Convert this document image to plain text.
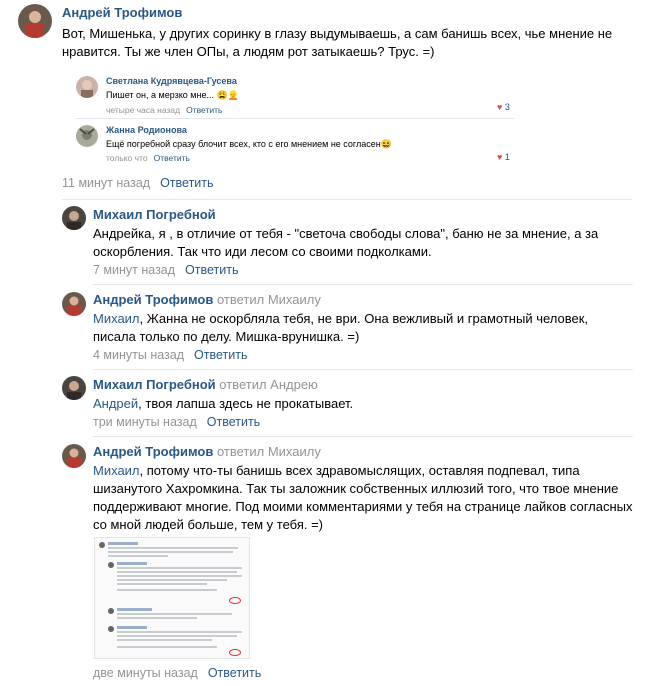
Андрей Трофимов
Вот, Мишенька, у других соринку в глазу выдумываешь, а сам банишь всех, чье мнение не нравится. Ты же член ОПы, а людям рот затыкаешь? Трус. =)
Светлана Кудрявцева-Гусева
Пишет он, а мерзко мне... 😩👱
четыре часа назад Ответить	♥ 3
Жанна Родионова
Ещё погребной сразу блочит всех, кто с его мнением не согласен😆
только что Ответить	♥ 1
11 минут назад Ответить
Михаил Погребной
Андрейка, я , в отличие от тебя - "светоча свободы слова", баню не за мнение, а за оскорбления. Так что иди лесом со своими подколками.
7 минут назад Ответить
Андрей Трофимов ответил Михаилу
Михаил, Жанна не оскорбляла тебя, не ври. Она вежливый и грамотный человек, писала только по делу. Мишка-врунишка. =)
4 минуты назад Ответить
Михаил Погребной ответил Андрею
Андрей, твоя лапша здесь не прокатывает.
три минуты назад Ответить
Андрей Трофимов ответил Михаилу
Михаил, потому что-ты банишь всех здравомыслящих, оставляя подпевал, типа шизанутого Хахромкина. Так ты заложник собственных иллюзий того, что твое мнение поддерживают многие. Под моими комментариями у тебя на странице лайков согласных со мной людей больше, тем у тебя. =)
две минуты назад Ответить
